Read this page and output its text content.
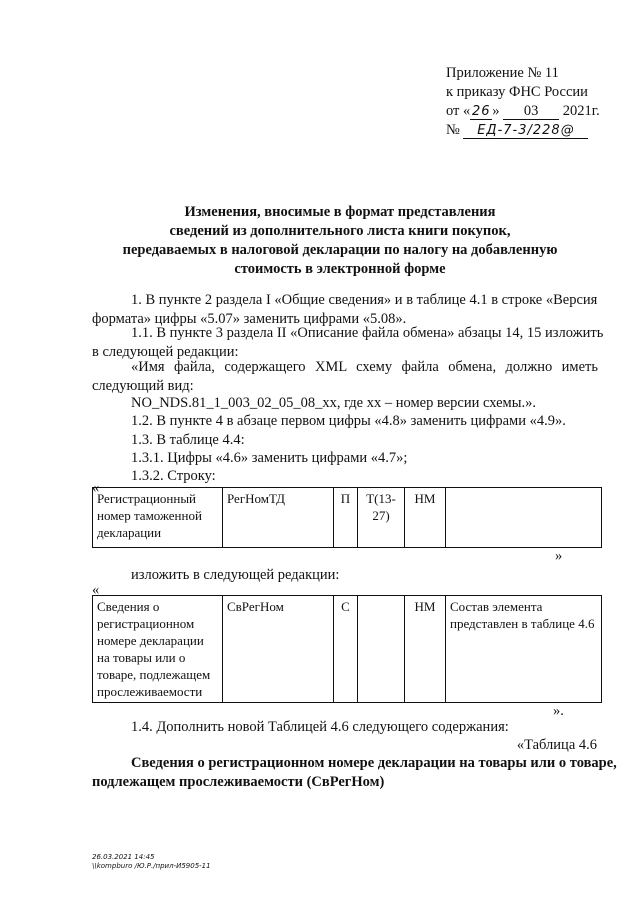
Приложение № 11
к приказу ФНС России
от « 26 » 03 2021г.
№ ЕД-7-3/228@
Изменения, вносимые в формат представления
сведений из дополнительного листа книги покупок,
передаваемых в налоговой декларации по налогу на добавленную
стоимость в электронной форме
1. В пункте 2 раздела I «Общие сведения» и в таблице 4.1 в строке «Версия
формата» цифры «5.07» заменить цифрами «5.08».
1.1. В пункте 3 раздела II «Описание файла обмена» абзацы 14, 15 изложить
в следующей редакции:
«Имя файла, содержащего XML схему файла обмена, должно иметь
следующий вид:
NO_NDS.81_1_003_02_05_08_xx, где хх – номер версии схемы.».
1.2. В пункте 4 в абзаце первом цифры «4.8» заменить цифрами «4.9».
1.3. В таблице 4.4:
1.3.1. Цифры «4.6» заменить цифрами «4.7»;
1.3.2. Строку:
«
Регистрационный номер таможенной декларации	РегНомТД	П	Т(13-27)	НМ	
»
изложить в следующей редакции:
«
Сведения о регистрационном номере декларации на товары или о товаре, подлежащем прослеживаемости	СвРегНом	С		НМ	Состав элемента представлен в таблице 4.6
».
1.4. Дополнить новой Таблицей 4.6 следующего содержания:
«Таблица 4.6
Сведения о регистрационном номере декларации на товары или о товаре,
подлежащем прослеживаемости (СвРегНом)
26.03.2021 14:45
\\kompburo /Ю.Р./прил-И5905-11
